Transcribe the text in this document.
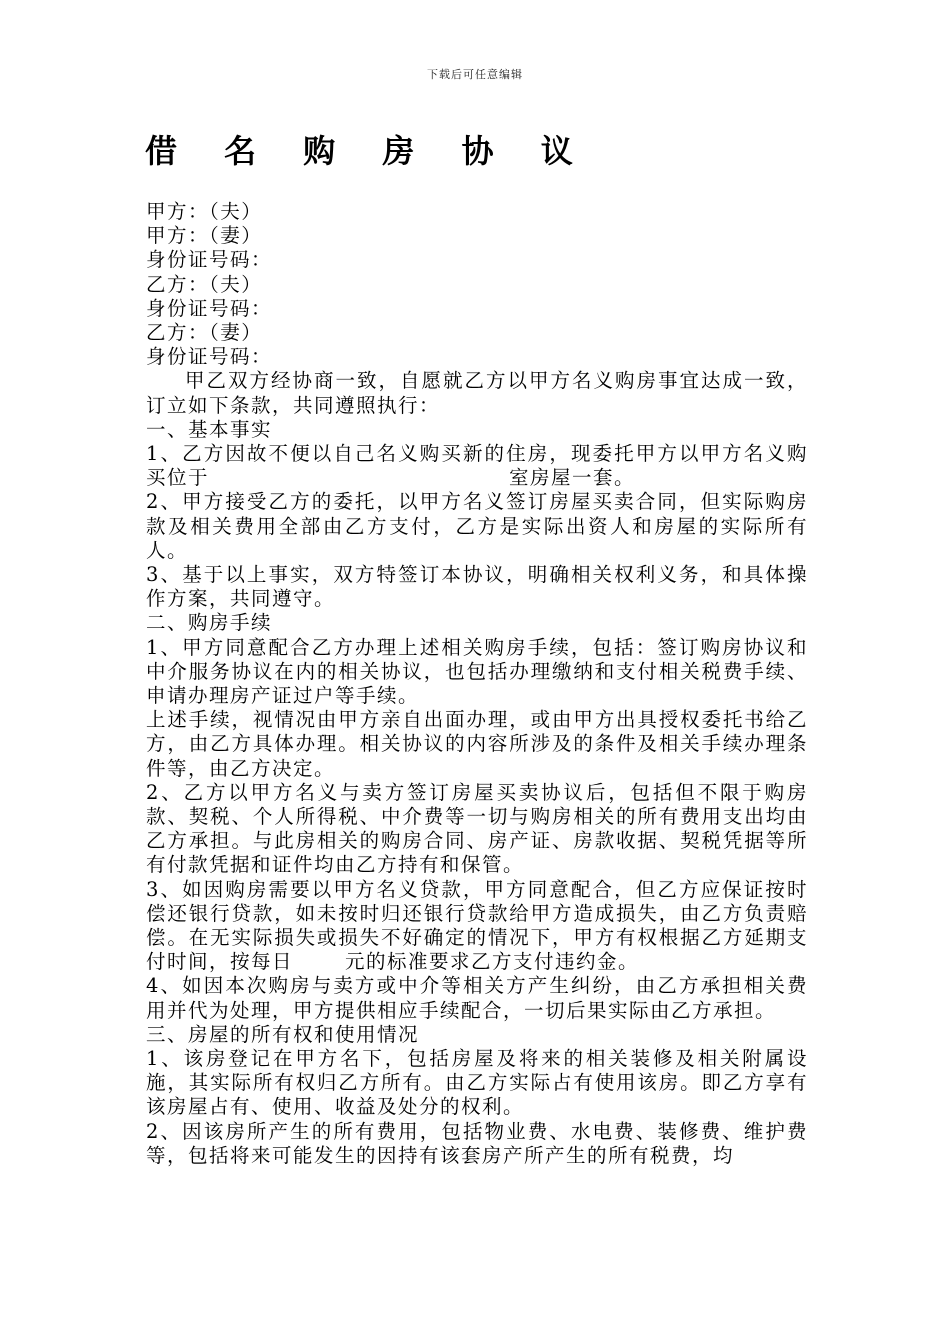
下载后可任意编辑
借 名 购 房 协 议
甲方：（夫）
甲方：（妻）
身份证号码：
乙方：（夫）
身份证号码：
乙方：（妻）
身份证号码：
甲乙双方经协商一致，自愿就乙方以甲方名义购房事宜达成一致，订立如下条款，共同遵照执行：
一、基本事实
1、乙方因故不便以自己名义购买新的住房，现委托甲方以甲方名义购买位于	室房屋一套。
2、甲方接受乙方的委托，以甲方名义签订房屋买卖合同，但实际购房款及相关费用全部由乙方支付，乙方是实际出资人和房屋的实际所有人。
3、基于以上事实，双方特签订本协议，明确相关权利义务，和具体操作方案，共同遵守。
二、购房手续
1、甲方同意配合乙方办理上述相关购房手续，包括：签订购房协议和中介服务协议在内的相关协议，也包括办理缴纳和支付相关税费手续、申请办理房产证过户等手续。
上述手续，视情况由甲方亲自出面办理，或由甲方出具授权委托书给乙方，由乙方具体办理。相关协议的内容所涉及的条件及相关手续办理条件等，由乙方决定。
2、乙方以甲方名义与卖方签订房屋买卖协议后，包括但不限于购房款、契税、个人所得税、中介费等一切与购房相关的所有费用支出均由乙方承担。与此房相关的购房合同、房产证、房款收据、契税凭据等所有付款凭据和证件均由乙方持有和保管。
3、如因购房需要以甲方名义贷款，甲方同意配合，但乙方应保证按时偿还银行贷款，如未按时归还银行贷款给甲方造成损失，由乙方负责赔偿。在无实际损失或损失不好确定的情况下，甲方有权根据乙方延期支付时间，按每日	元的标准要求乙方支付违约金。
4、如因本次购房与卖方或中介等相关方产生纠纷，由乙方承担相关费用并代为处理，甲方提供相应手续配合，一切后果实际由乙方承担。
三、房屋的所有权和使用情况
1、该房登记在甲方名下，包括房屋及将来的相关装修及相关附属设施，其实际所有权归乙方所有。由乙方实际占有使用该房。即乙方享有该房屋占有、使用、收益及处分的权利。
2、因该房所产生的所有费用，包括物业费、水电费、装修费、维护费等，包括将来可能发生的因持有该套房产所产生的所有税费，均
